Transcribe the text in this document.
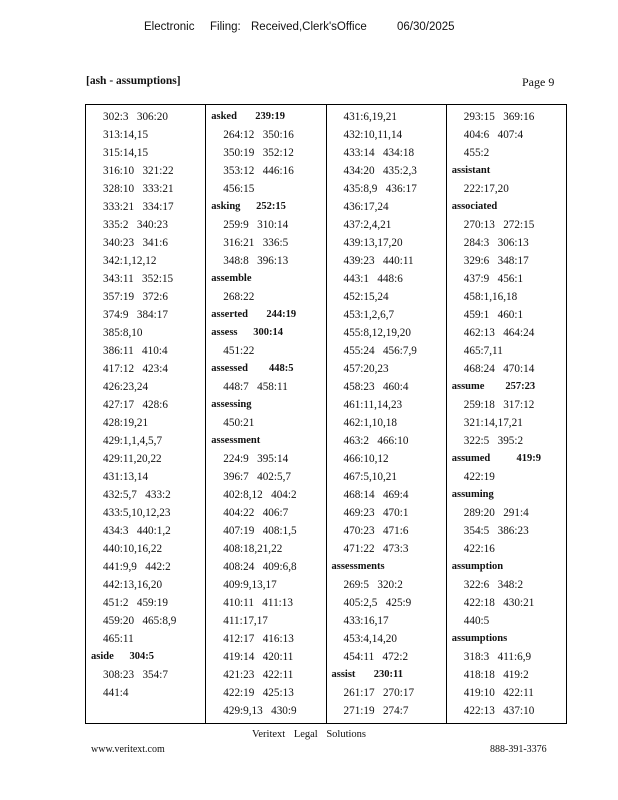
Electronic Filing: Received,Clerk'sOffice	06/30/2025
[ash - assumptions]	Page 9
302:3   306:20
313:14,15
315:14,15
316:10   321:22
328:10   333:21
333:21   334:17
335:2   340:23
340:23   341:6
342:1,12,12
343:11   352:15
357:19   372:6
374:9   384:17
385:8,10
386:11   410:4
417:12   423:4
426:23,24
427:17   428:6
428:19,21
429:1,1,4,5,7
429:11,20,22
431:13,14
432:5,7   433:2
433:5,10,12,23
434:3   440:1,2
440:10,16,22
441:9,9   442:2
442:13,16,20
451:2   459:19
459:20   465:8,9
465:11
aside      304:5
308:23   354:7
441:4
asked       239:19
264:12   350:16
350:19   352:12
353:12   446:16
456:15
asking      252:15
259:9   310:14
316:21   336:5
348:8   396:13
assemble
268:22
asserted       244:19
assess      300:14
451:22
assessed        448:5
448:7   458:11
assessing
450:21
assessment
224:9   395:14
396:7   402:5,7
402:8,12   404:2
404:22   406:7
407:19   408:1,5
408:18,21,22
408:24   409:6,8
409:9,13,17
410:11   411:13
411:17,17
412:17   416:13
419:14   420:11
421:23   422:11
422:19   425:13
429:9,13   430:9
431:6,19,21
432:10,11,14
433:14   434:18
434:20   435:2,3
435:8,9   436:17
436:17,24
437:2,4,21
439:13,17,20
439:23   440:11
443:1   448:6
452:15,24
453:1,2,6,7
455:8,12,19,20
455:24   456:7,9
457:20,23
458:23   460:4
461:11,14,23
462:1,10,18
463:2   466:10
466:10,12
467:5,10,21
468:14   469:4
469:23   470:1
470:23   471:6
471:22   473:3
assessments
269:5   320:2
405:2,5   425:9
433:16,17
453:4,14,20
454:11   472:2
assist       230:11
261:17   270:17
271:19   274:7
293:15   369:16
404:6   407:4
455:2
assistant
222:17,20
associated
270:13   272:15
284:3   306:13
329:6   348:17
437:9   456:1
458:1,16,18
459:1   460:1
462:13   464:24
465:7,11
468:24   470:14
assume        257:23
259:18   317:12
321:14,17,21
322:5   395:2
assumed          419:9
422:19
assuming
289:20   291:4
354:5   386:23
422:16
assumption
322:6   348:2
422:18   430:21
440:5
assumptions
318:3   411:6,9
418:18   419:2
419:10   422:11
422:13   437:10
Veritext Legal Solutions
www.veritext.com	888-391-3376
